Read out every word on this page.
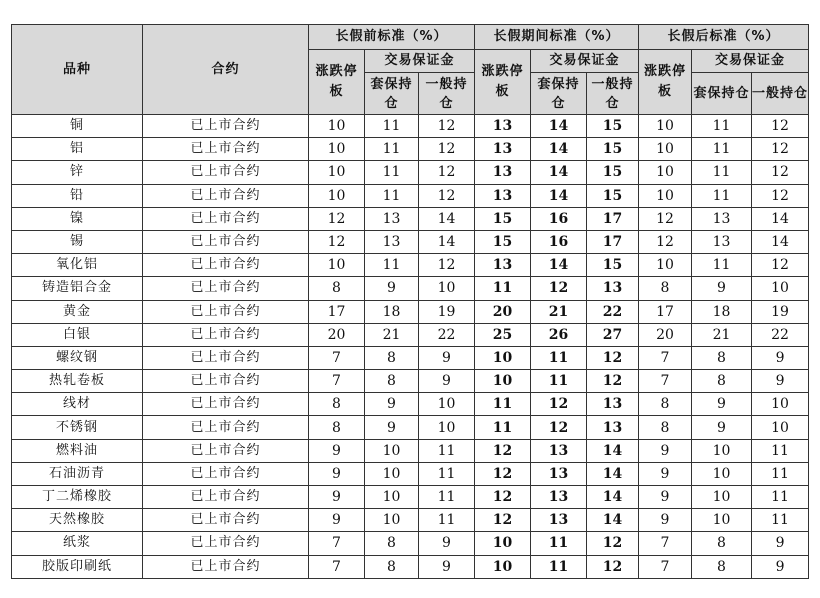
品种	合约	长假前标准（%）			长假期间标准（%）			长假后标准（%）		
		涨跌停板	交易保证金		涨跌停板	交易保证金		涨跌停板	交易保证金	
			套保持仓	一般持仓		套保持仓	一般持仓		套保持仓	一般持仓
铜	已上市合约	10	11	12	13	14	15	10	11	12
铝	已上市合约	10	11	12	13	14	15	10	11	12
锌	已上市合约	10	11	12	13	14	15	10	11	12
铅	已上市合约	10	11	12	13	14	15	10	11	12
镍	已上市合约	12	13	14	15	16	17	12	13	14
锡	已上市合约	12	13	14	15	16	17	12	13	14
氧化铝	已上市合约	10	11	12	13	14	15	10	11	12
铸造铝合金	已上市合约	8	9	10	11	12	13	8	9	10
黄金	已上市合约	17	18	19	20	21	22	17	18	19
白银	已上市合约	20	21	22	25	26	27	20	21	22
螺纹钢	已上市合约	7	8	9	10	11	12	7	8	9
热轧卷板	已上市合约	7	8	9	10	11	12	7	8	9
线材	已上市合约	8	9	10	11	12	13	8	9	10
不锈钢	已上市合约	8	9	10	11	12	13	8	9	10
燃料油	已上市合约	9	10	11	12	13	14	9	10	11
石油沥青	已上市合约	9	10	11	12	13	14	9	10	11
丁二烯橡胶	已上市合约	9	10	11	12	13	14	9	10	11
天然橡胶	已上市合约	9	10	11	12	13	14	9	10	11
纸浆	已上市合约	7	8	9	10	11	12	7	8	9
胶版印刷纸	已上市合约	7	8	9	10	11	12	7	8	9
